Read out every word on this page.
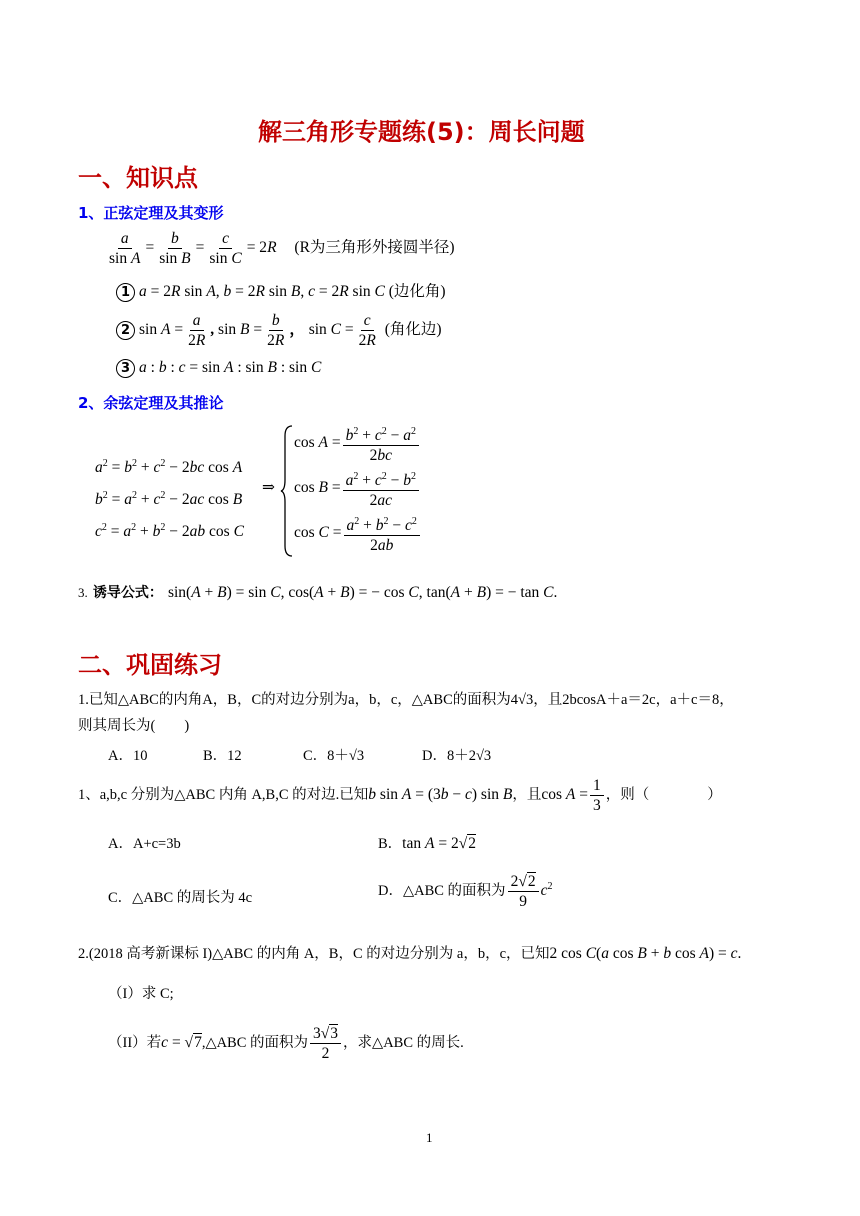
解三角形专题练(5)：周长问题
一、知识点
1、正弦定理及其变形
$\frac{a}{\text{sin A}} = \frac{b}{\text{sin B}} = \frac{c}{\text{sin C}} = 2R$ (R为三角形外接圆半径)
1 a = 2R sin A, b = 2R sin B, c = 2R sin C (边化角)
2 $\sin A = \frac{a}{2R}$ , $\sin B = \frac{b}{2R}$ ， $\sin C = \frac{c}{2R}$ (角化边)
3 a : b : c = sin A : sin B : sin C
2、余弦定理及其推论
$a^2 = b^2 + c^2 - 2bc$ cos A
$b^2 = a^2 + c^2 - 2ac$ cos B
$c^2 = a^2 + b^2 - 2ab$ cos C
⇒
$\cos A = \frac{b^2 + c^2 - a^2}{2bc}$
$\cos B = \frac{a^2 + c^2 - b^2}{2ac}$
$\cos C = \frac{a^2 + b^2 - c^2}{2ab}$
3. 诱导公式： sin(A + B) = sin C, cos(A + B) = − cos C, tan(A + B) = − tan C.
二、巩固练习
1.已知△ABC的内角A，B，C的对边分别为a，b，c，△ABC的面积为4√3，且2bcosA＋a＝2c，a＋c＝8，
则其周长为(　　)
A．10	B．12	C．8＋√3	D．8＋2√3
1、a,b,c 分别为△ABC 内角 A,B,C 的对边.已知b sin A = (3b − c) sin B，且$\cos A = \frac{1}{3}$ ，则（　　　　）
A．A+c=3b	B．tan A = 2√2
C．△ABC 的周长为 4c	D．△ABC 的面积为 $\frac{2√2}{9} c^2$
2.(2018 高考新课标 I)△ABC 的内角 A，B，C 的对边分别为 a，b，c，已知2 cos C(a cos B + b cos A) = c.
（I）求 C;
（II）若c = √7,△ABC 的面积为 $\frac{3√3}{2}$ ，求△ABC 的周长.
1
